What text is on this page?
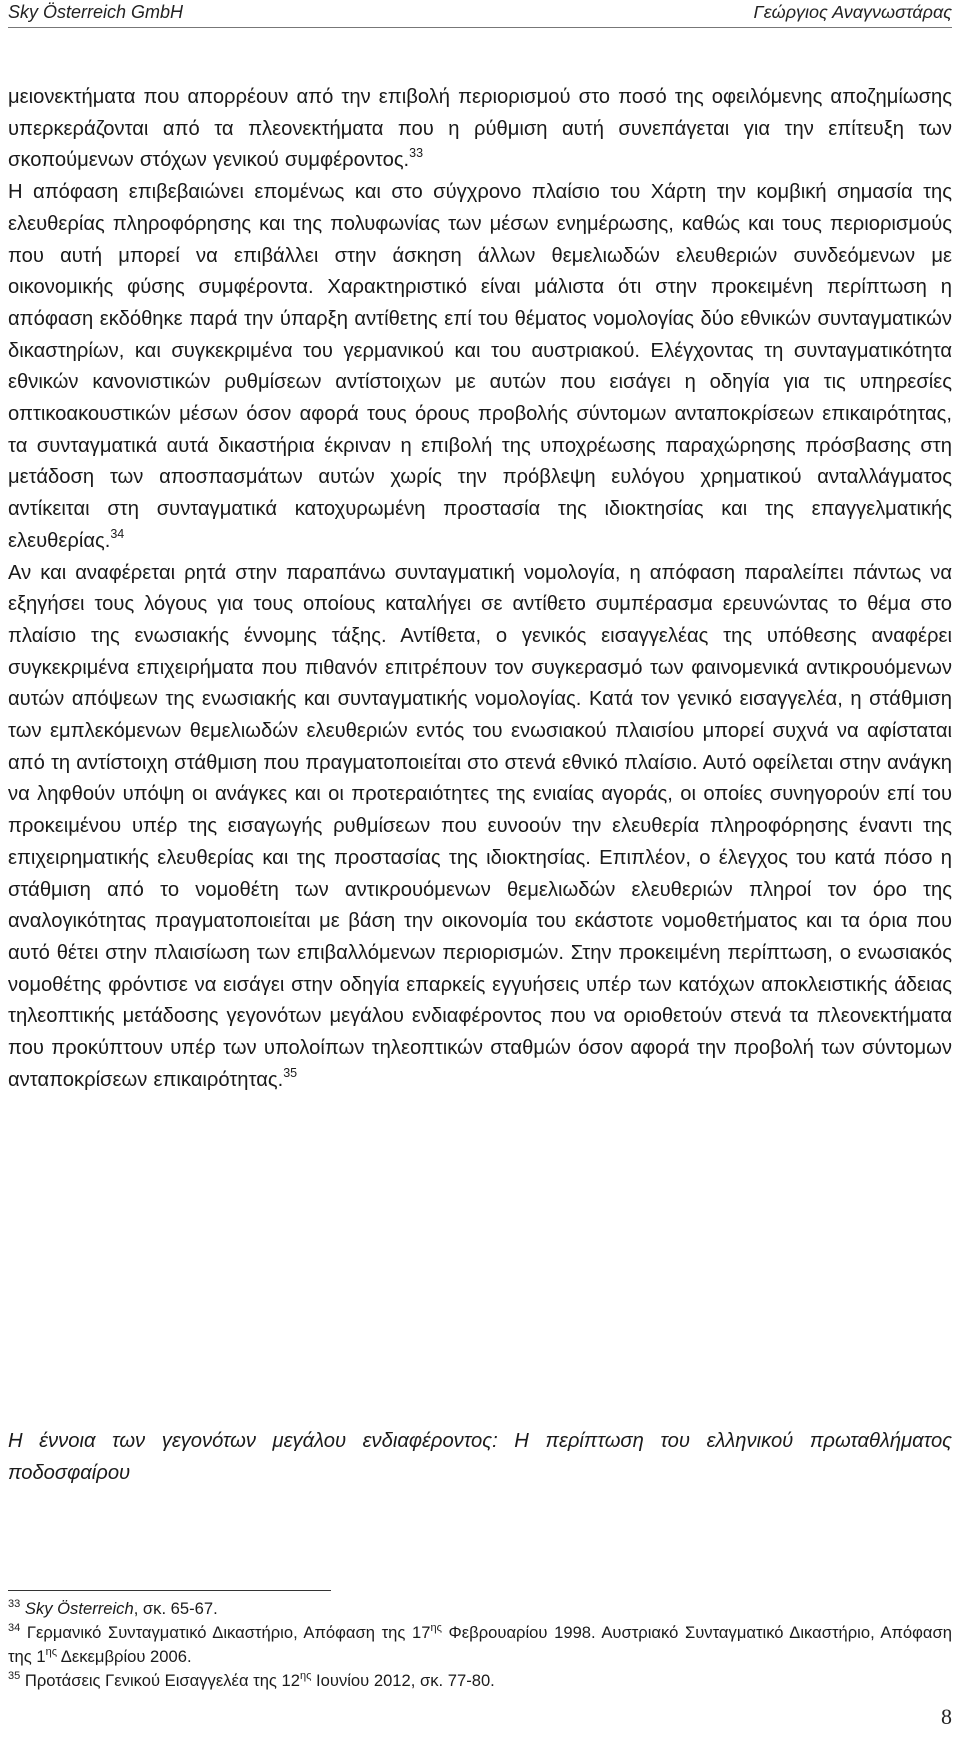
Sky Österreich GmbH	Γεώργιος Αναγνωστάρας

μειονεκτήματα που απορρέουν από την επιβολή περιορισμού στο ποσό της οφειλόμενης αποζημίωσης υπερκεράζονται από τα πλεονεκτήματα που η ρύθμιση αυτή συνεπάγεται για την επίτευξη των σκοπούμενων στόχων γενικού συμφέροντος.$^{33}$

Η απόφαση επιβεβαιώνει επομένως και στο σύγχρονο πλαίσιο του Χάρτη την κομβική σημασία της ελευθερίας πληροφόρησης και της πολυφωνίας των μέσων ενημέρωσης, καθώς και τους περιορισμούς που αυτή μπορεί να επιβάλλει στην άσκηση άλλων θεμελιωδών ελευθεριών συνδεόμενων με οικονομικής φύσης συμφέροντα. Χαρακτηριστικό είναι μάλιστα ότι στην προκειμένη περίπτωση η απόφαση εκδόθηκε παρά την ύπαρξη αντίθετης επί του θέματος νομολογίας δύο εθνικών συνταγματικών δικαστηρίων, και συγκεκριμένα του γερμανικού και του αυστριακού. Ελέγχοντας τη συνταγματικότητα εθνικών κανονιστικών ρυθμίσεων αντίστοιχων με αυτών που εισάγει η οδηγία για τις υπηρεσίες οπτικοακουστικών μέσων όσον αφορά τους όρους προβολής σύντομων ανταποκρίσεων επικαιρότητας, τα συνταγματικά αυτά δικαστήρια έκριναν η επιβολή της υποχρέωσης παραχώρησης πρόσβασης στη μετάδοση των αποσπασμάτων αυτών χωρίς την πρόβλεψη ευλόγου χρηματικού ανταλλάγματος αντίκειται στη συνταγματικά κατοχυρωμένη προστασία της ιδιοκτησίας και της επαγγελματικής ελευθερίας.$^{34}$

Αν και αναφέρεται ρητά στην παραπάνω συνταγματική νομολογία, η απόφαση παραλείπει πάντως να εξηγήσει τους λόγους για τους οποίους καταλήγει σε αντίθετο συμπέρασμα ερευνώντας το θέμα στο πλαίσιο της ενωσιακής έννομης τάξης. Αντίθετα, ο γενικός εισαγγελέας της υπόθεσης αναφέρει συγκεκριμένα επιχειρήματα που πιθανόν επιτρέπουν τον συγκερασμό των φαινομενικά αντικρουόμενων αυτών απόψεων της ενωσιακής και συνταγματικής νομολογίας. Κατά τον γενικό εισαγγελέα, η στάθμιση των εμπλεκόμενων θεμελιωδών ελευθεριών εντός του ενωσιακού πλαισίου μπορεί συχνά να αφίσταται από τη αντίστοιχη στάθμιση που πραγματοποιείται στο στενά εθνικό πλαίσιο. Αυτό οφείλεται στην ανάγκη να ληφθούν υπόψη οι ανάγκες και οι προτεραιότητες της ενιαίας αγοράς, οι οποίες συνηγορούν επί του προκειμένου υπέρ της εισαγωγής ρυθμίσεων που ευνοούν την ελευθερία πληροφόρησης έναντι της επιχειρηματικής ελευθερίας και της προστασίας της ιδιοκτησίας. Επιπλέον, ο έλεγχος του κατά πόσο η στάθμιση από το νομοθέτη των αντικρουόμενων θεμελιωδών ελευθεριών πληροί τον όρο της αναλογικότητας πραγματοποιείται με βάση την οικονομία του εκάστοτε νομοθετήματος και τα όρια που αυτό θέτει στην πλαισίωση των επιβαλλόμενων περιορισμών. Στην προκειμένη περίπτωση, ο ενωσιακός νομοθέτης φρόντισε να εισάγει στην οδηγία επαρκείς εγγυήσεις υπέρ των κατόχων αποκλειστικής άδειας τηλεοπτικής μετάδοσης γεγονότων μεγάλου ενδιαφέροντος που να οριοθετούν στενά τα πλεονεκτήματα που προκύπτουν υπέρ των υπολοίπων τηλεοπτικών σταθμών όσον αφορά την προβολή των σύντομων ανταποκρίσεων επικαιρότητας.$^{35}$

Η έννοια των γεγονότων μεγάλου ενδιαφέροντος: Η περίπτωση του ελληνικού πρωταθλήματος ποδοσφαίρου

$^{33}$ Sky Österreich, σκ. 65-67.

$^{34}$ Γερμανικό Συνταγματικό Δικαστήριο, Απόφαση της $17^{\eta\varsigma}$ Φεβρουαρίου 1998. Αυστριακό Συνταγματικό Δικαστήριο, Απόφαση της $1^{\eta\varsigma}$ Δεκεμβρίου 2006.

$^{35}$ Προτάσεις Γενικού Εισαγγελέα της $12^{\eta\varsigma}$ Ιουνίου 2012, σκ. 77-80.

8
